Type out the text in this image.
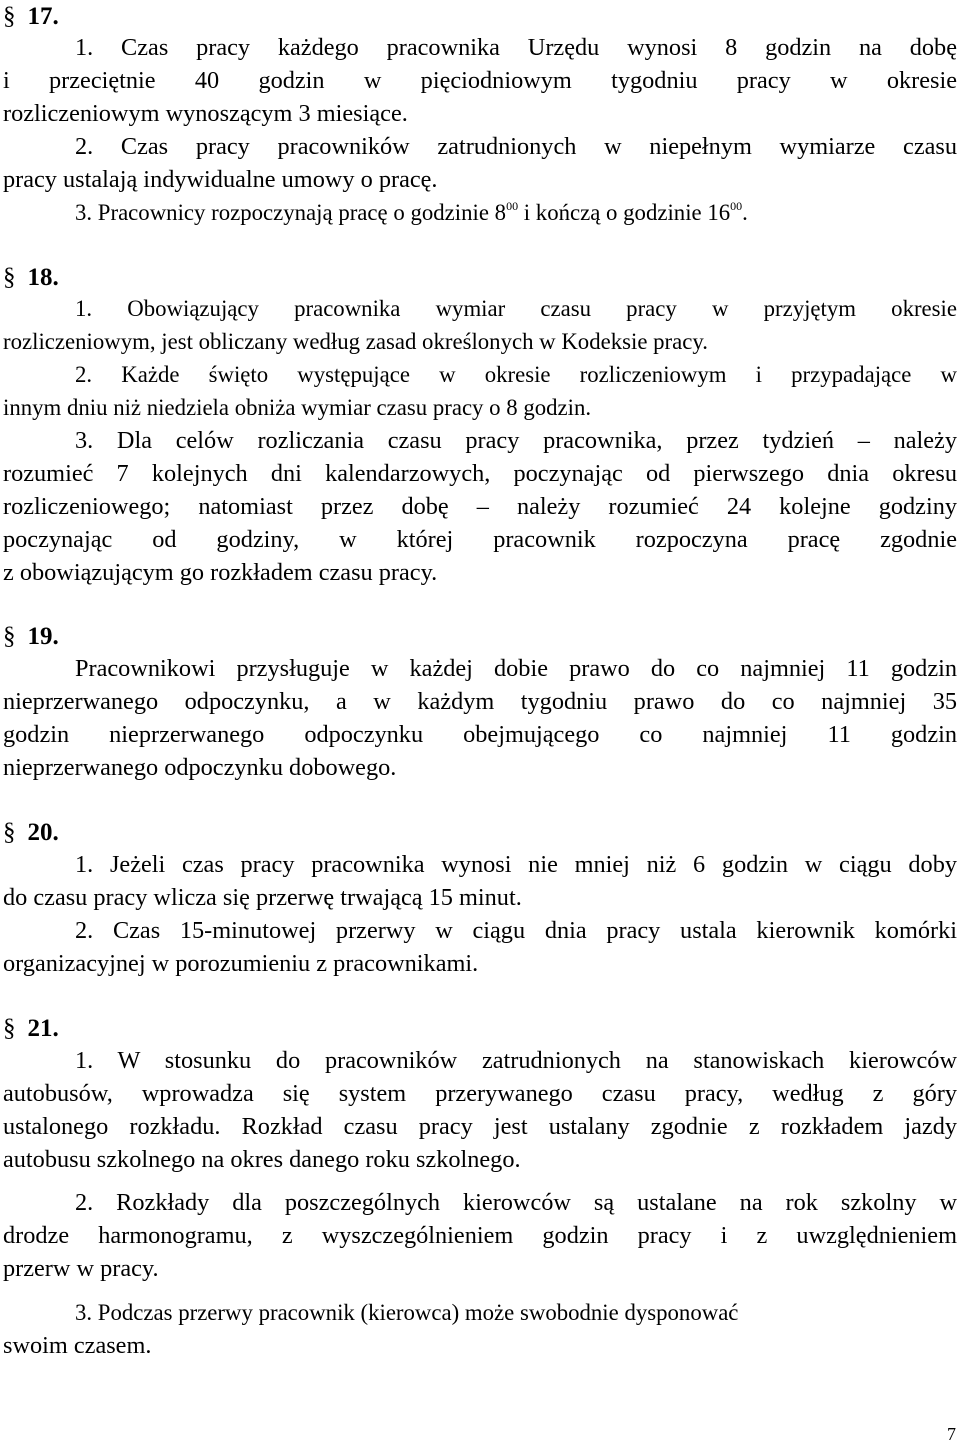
§ 17.
1. Czas pracy każdego pracownika Urzędu wynosi 8 godzin na dobę
i przeciętnie 40 godzin w pięciodniowym tygodniu pracy w okresie
rozliczeniowym wynoszącym 3 miesiące.
2. Czas pracy pracowników zatrudnionych w niepełnym wymiarze czasu
pracy ustalają indywidualne umowy o pracę.
3. Pracownicy rozpoczynają pracę o godzinie $8^{00}$ i kończą o godzinie $16^{00}$.
§ 18.
1. Obowiązujący pracownika wymiar czasu pracy w przyjętym okresie
rozliczeniowym, jest obliczany według zasad określonych w Kodeksie pracy.
2. Każde święto występujące w okresie rozliczeniowym i przypadające w
innym dniu niż niedziela obniża wymiar czasu pracy o 8 godzin.
3. Dla celów rozliczania czasu pracy pracownika, przez tydzień – należy
rozumieć 7 kolejnych dni kalendarzowych, poczynając od pierwszego dnia okresu
rozliczeniowego; natomiast przez dobę – należy rozumieć 24 kolejne godziny
poczynając od godziny, w której pracownik rozpoczyna pracę zgodnie
z obowiązującym go rozkładem czasu pracy.
§ 19.
Pracownikowi przysługuje w każdej dobie prawo do co najmniej 11 godzin
nieprzerwanego odpoczynku, a w każdym tygodniu prawo do co najmniej 35
godzin nieprzerwanego odpoczynku obejmującego co najmniej 11 godzin
nieprzerwanego odpoczynku dobowego.
§ 20.
1. Jeżeli czas pracy pracownika wynosi nie mniej niż 6 godzin w ciągu doby
do czasu pracy wlicza się przerwę trwającą 15 minut.
2. Czas 15-minutowej przerwy w ciągu dnia pracy ustala kierownik komórki
organizacyjnej w porozumieniu z pracownikami.
§ 21.
1. W stosunku do pracowników zatrudnionych na stanowiskach kierowców
autobusów, wprowadza się system przerywanego czasu pracy, według z góry
ustalonego rozkładu. Rozkład czasu pracy jest ustalany zgodnie z rozkładem jazdy
autobusu szkolnego na okres danego roku szkolnego.
2. Rozkłady dla poszczególnych kierowców są ustalane na rok szkolny w
drodze harmonogramu, z wyszczególnieniem godzin pracy i z uwzględnieniem
przerw w pracy.
3. Podczas przerwy pracownik (kierowca) może swobodnie dysponować
swoim czasem.
7
